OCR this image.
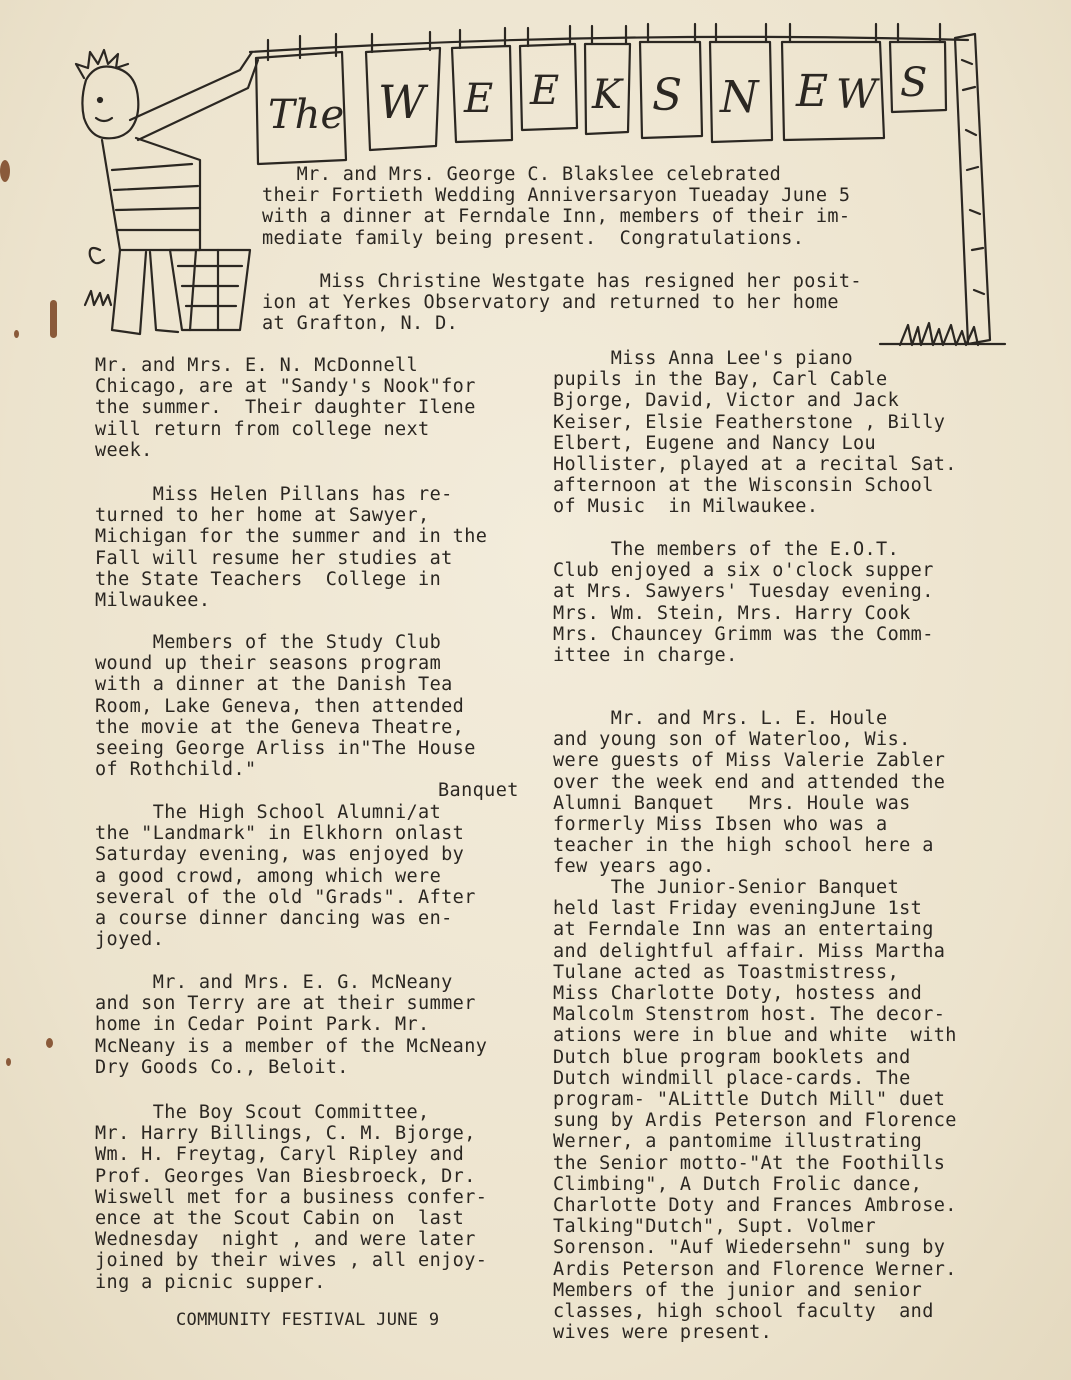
The W E E K S N E W S
Mr. and Mrs. George C. Blakslee celebrated
their Fortieth Wedding Anniversaryon Tueaday June 5
with a dinner at Ferndale Inn, members of their im-
mediate family being present.  Congratulations.
Miss Christine Westgate has resigned her posit-
ion at Yerkes Observatory and returned to her home
at Grafton, N. D.
Mr. and Mrs. E. N. McDonnell
Chicago, are at "Sandy's Nook"for
the summer.  Their daughter Ilene
will return from college next
week.
Miss Helen Pillans has re-
turned to her home at Sawyer,
Michigan for the summer and in the
Fall will resume her studies at
the State Teachers  College in
Milwaukee.
Members of the Study Club
wound up their seasons program
with a dinner at the Danish Tea
Room, Lake Geneva, then attended
the movie at the Geneva Theatre,
seeing George Arliss in"The House
of Rothchild."
Banquet
The High School Alumni/at
the "Landmark" in Elkhorn onlast
Saturday evening, was enjoyed by
a good crowd, among which were
several of the old "Grads". After
a course dinner dancing was en-
joyed.
Mr. and Mrs. E. G. McNeany
and son Terry are at their summer
home in Cedar Point Park. Mr.
McNeany is a member of the McNeany
Dry Goods Co., Beloit.
The Boy Scout Committee,
Mr. Harry Billings, C. M. Bjorge,
Wm. H. Freytag, Caryl Ripley and
Prof. Georges Van Biesbroeck, Dr.
Wiswell met for a business confer-
ence at the Scout Cabin on  last
Wednesday  night , and were later
joined by their wives , all enjoy-
ing a picnic supper.
COMMUNITY FESTIVAL JUNE 9
Miss Anna Lee's piano
pupils in the Bay, Carl Cable
Bjorge, David, Victor and Jack
Keiser, Elsie Featherstone , Billy
Elbert, Eugene and Nancy Lou
Hollister, played at a recital Sat.
afternoon at the Wisconsin School
of Music  in Milwaukee.
The members of the E.O.T.
Club enjoyed a six o'clock supper
at Mrs. Sawyers' Tuesday evening.
Mrs. Wm. Stein, Mrs. Harry Cook
Mrs. Chauncey Grimm was the Comm-
ittee in charge.
Mr. and Mrs. L. E. Houle
and young son of Waterloo, Wis.
were guests of Miss Valerie Zabler
over the week end and attended the
Alumni Banquet   Mrs. Houle was
formerly Miss Ibsen who was a
teacher in the high school here a
few years ago.
The Junior-Senior Banquet
held last Friday eveningJune 1st
at Ferndale Inn was an entertaing
and delightful affair. Miss Martha
Tulane acted as Toastmistress,
Miss Charlotte Doty, hostess and
Malcolm Stenstrom host. The decor-
ations were in blue and white  with
Dutch blue program booklets and
Dutch windmill place-cards. The
program- "ALittle Dutch Mill" duet
sung by Ardis Peterson and Florence
Werner, a pantomime illustrating
the Senior motto-"At the Foothills
Climbing", A Dutch Frolic dance,
Charlotte Doty and Frances Ambrose.
Talking"Dutch", Supt. Volmer
Sorenson. "Auf Wiedersehn" sung by
Ardis Peterson and Florence Werner.
Members of the junior and senior
classes, high school faculty  and
wives were present.
